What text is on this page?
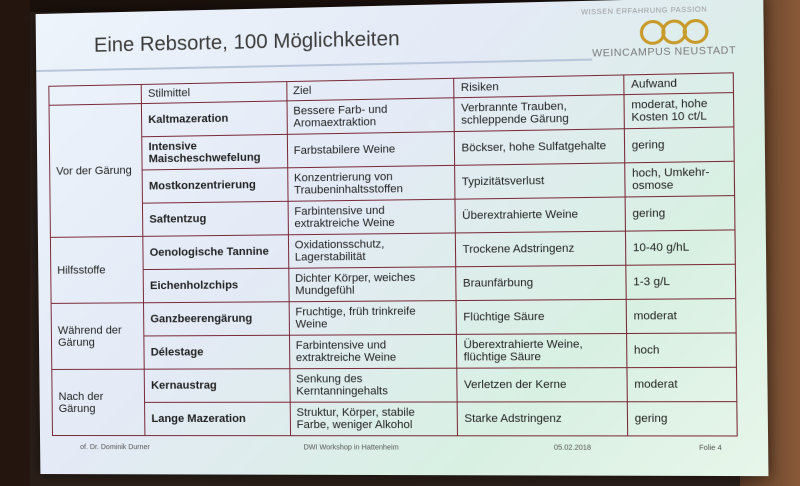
Eine Rebsorte, 100 Möglichkeiten
WISSEN ERFAHRUNG PASSION
WEINCAMPUS NEUSTADT
	Stilmittel	Ziel	Risiken	Aufwand
Vor der Gärung	Kaltmazeration	Bessere Farb- und Aromaextraktion	Verbrannte Trauben, schleppende Gärung	moderat, hohe Kosten 10 ct/L
	Intensive Maischeschwefelung	Farbstabilere Weine	Böckser, hohe Sulfatgehalte	gering
	Mostkonzentrierung	Konzentrierung von Traubeninhaltsstoffen	Typizitätsverlust	hoch, Umkehr-osmose
	Saftentzug	Farbintensive und extraktreiche Weine	Überextrahierte Weine	gering
Hilfsstoffe	Oenologische Tannine	Oxidationsschutz, Lagerstabilität	Trockene Adstringenz	10-40 g/hL
	Eichenholzchips	Dichter Körper, weiches Mundgefühl	Braunfärbung	1-3 g/L
Während der Gärung	Ganzbeerengärung	Fruchtige, früh trinkreife Weine	Flüchtige Säure	moderat
	Délestage	Farbintensive und extraktreiche Weine	Überextrahierte Weine, flüchtige Säure	hoch
Nach der Gärung	Kernaustrag	Senkung des Kerntanningehalts	Verletzen der Kerne	moderat
	Lange Mazeration	Struktur, Körper, stabile Farbe, weniger Alkohol	Starke Adstringenz	gering
of. Dr. Dominik Durner	DWI Workshop in Hattenheim	05.02.2018	Folie 4
